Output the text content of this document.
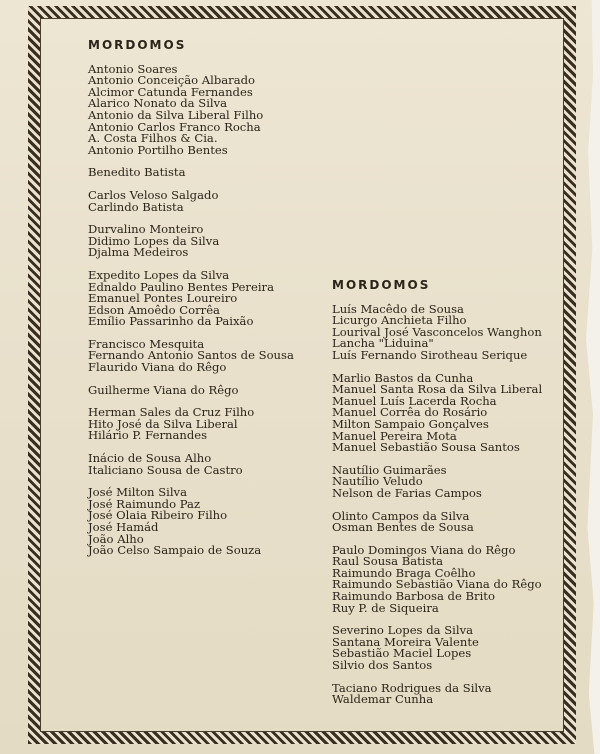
MORDOMOS
Antonio Soares
Antonio Conceição Albarado
Alcimor Catunda Fernandes
Alarico Nonato da Silva
Antonio da Silva Liberal Filho
Antonio Carlos Franco Rocha
A. Costa Filhos & Cia.
Antonio Portilho Bentes
Benedito Batista
Carlos Veloso Salgado
Carlindo Batista
Durvalino Monteiro
Didimo Lopes da Silva
Djalma Medeiros
Expedito Lopes da Silva
Ednaldo Paulino Bentes Pereira
Emanuel Pontes Loureiro
Edson Amoêdo Corrêa
Emílio Passarinho da Paixão
Francisco Mesquita
Fernando Antonio Santos de Sousa
Flaurido Viana do Rêgo
Guilherme Viana do Rêgo
Herman Sales da Cruz Filho
Hito José da Silva Liberal
Hilário P. Fernandes
Inácio de Sousa Alho
Italiciano Sousa de Castro
José Milton Silva
José Raimundo Paz
José Olaia Ribeiro Filho
José Hamád
João Alho
João Celso Sampaio de Souza
MORDOMOS
Luís Macêdo de Sousa
Licurgo Anchieta Filho
Lourival José Vasconcelos Wanghon
Lancha "Liduina"
Luís Fernando Sirotheau Serique
Marlio Bastos da Cunha
Manuel Santa Rosa da Silva Liberal
Manuel Luís Lacerda Rocha
Manuel Corrêa do Rosário
Milton Sampaio Gonçalves
Manuel Pereira Mota
Manuel Sebastião Sousa Santos
Nautílio Guimarães
Nautílio Veludo
Nelson de Farias Campos
Olinto Campos da Silva
Osman Bentes de Sousa
Paulo Domingos Viana do Rêgo
Raul Sousa Batista
Raimundo Braga Coêlho
Raimundo Sebastião Viana do Rêgo
Raimundo Barbosa de Brito
Ruy P. de Siqueira
Severino Lopes da Silva
Santana Moreira Valente
Sebastião Maciel Lopes
Silvio dos Santos
Taciano Rodrigues da Silva
Waldemar Cunha
